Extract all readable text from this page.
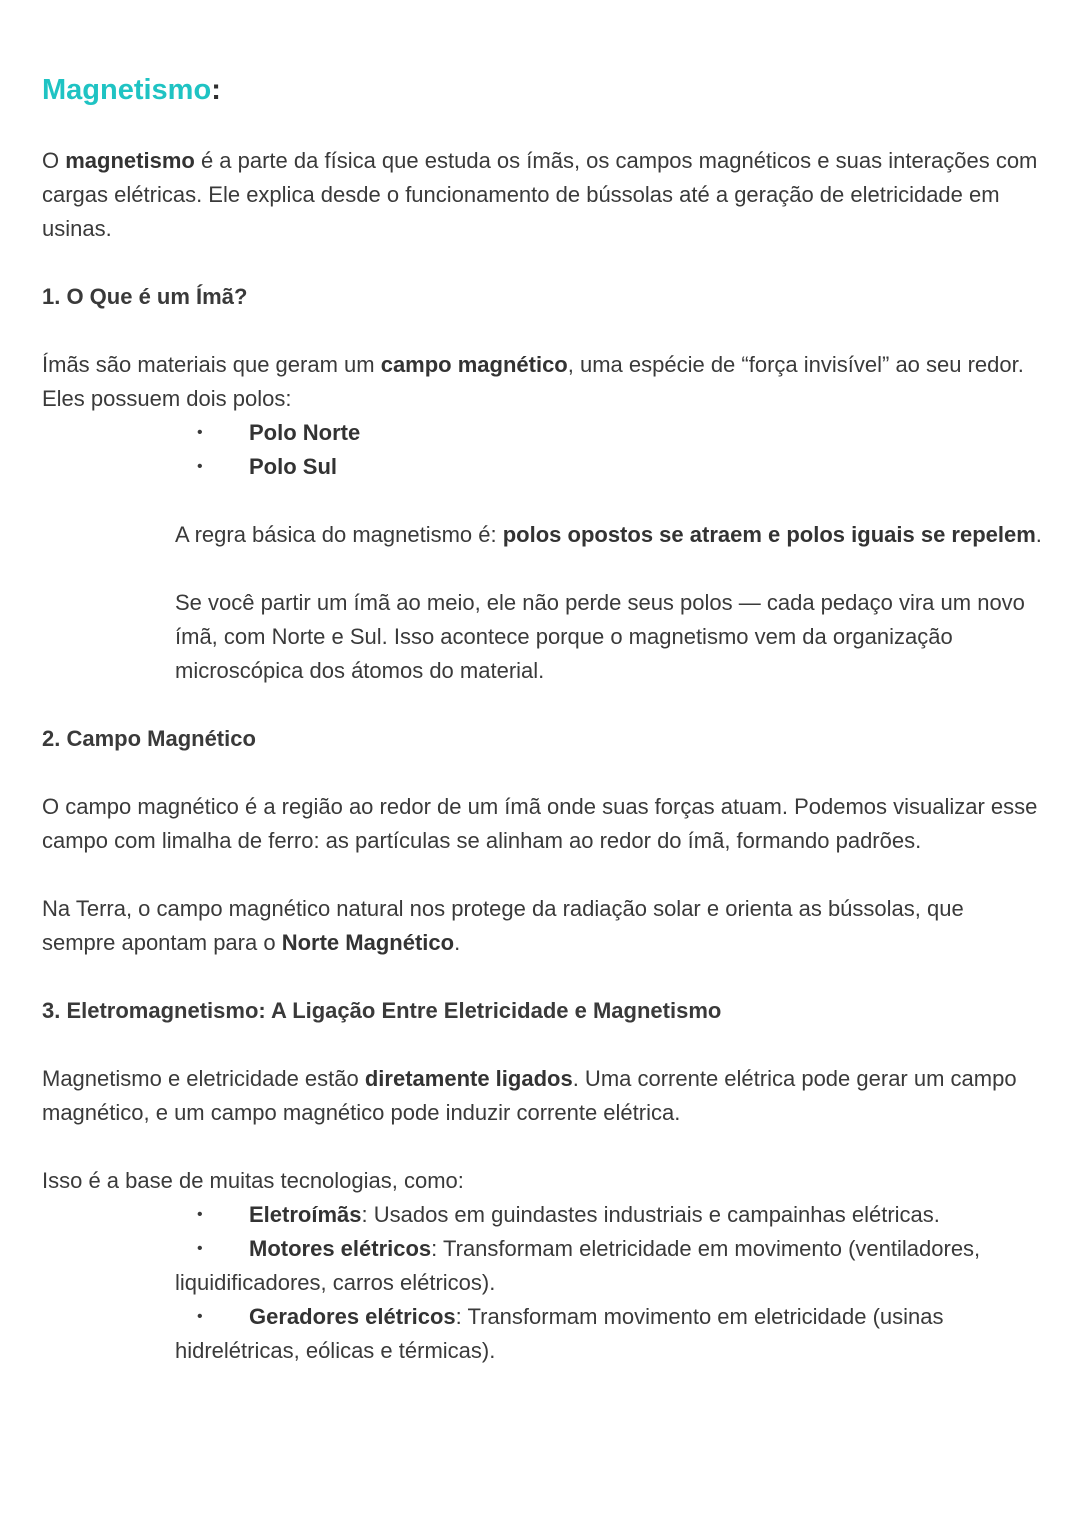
Magnetismo:

O magnetismo é a parte da física que estuda os ímãs, os campos magnéticos e suas interações com cargas elétricas. Ele explica desde o funcionamento de bússolas até a geração de eletricidade em usinas.

1. O Que é um Ímã?

Ímãs são materiais que geram um campo magnético, uma espécie de “força invisível” ao seu redor. Eles possuem dois polos:

• Polo Norte
• Polo Sul

A regra básica do magnetismo é: polos opostos se atraem e polos iguais se repelem.

Se você partir um ímã ao meio, ele não perde seus polos — cada pedaço vira um novo ímã, com Norte e Sul. Isso acontece porque o magnetismo vem da organização microscópica dos átomos do material.

2. Campo Magnético

O campo magnético é a região ao redor de um ímã onde suas forças atuam. Podemos visualizar esse campo com limalha de ferro: as partículas se alinham ao redor do ímã, formando padrões.

Na Terra, o campo magnético natural nos protege da radiação solar e orienta as bússolas, que sempre apontam para o Norte Magnético.

3. Eletromagnetismo: A Ligação Entre Eletricidade e Magnetismo

Magnetismo e eletricidade estão diretamente ligados. Uma corrente elétrica pode gerar um campo magnético, e um campo magnético pode induzir corrente elétrica.

Isso é a base de muitas tecnologias, como:

• Eletroímãs: Usados em guindastes industriais e campainhas elétricas.
• Motores elétricos: Transformam eletricidade em movimento (ventiladores, liquidificadores, carros elétricos).
• Geradores elétricos: Transformam movimento em eletricidade (usinas hidrelétricas, eólicas e térmicas).
